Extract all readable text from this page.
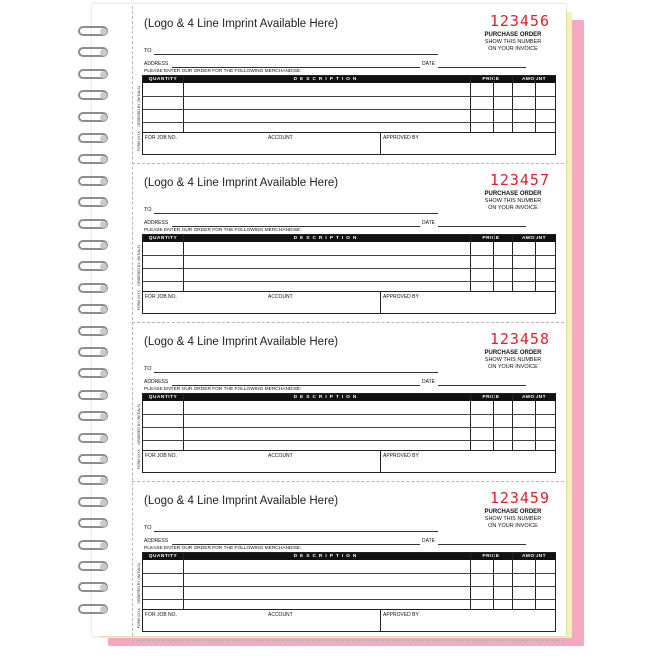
(Logo & 4 Line Imprint Available Here)	123456
PURCHASE ORDER
SHOW THIS NUMBER
ON YOUR INVOICE
TO
ADDRESS	DATE
PLEASE ENTER OUR ORDER FOR THE FOLLOWING MERCHANDISE:
QUANTITY	DESCRIPTION	PRICE	AMOUNT
ORDERED BY (INITIALS)
FOR JOB NO.	ACCOUNT	APPROVED BY
FORM #XXX
(Logo & 4 Line Imprint Available Here)	123457
PURCHASE ORDER
SHOW THIS NUMBER
ON YOUR INVOICE
TO
ADDRESS	DATE
PLEASE ENTER OUR ORDER FOR THE FOLLOWING MERCHANDISE:
QUANTITY	DESCRIPTION	PRICE	AMOUNT
ORDERED BY (INITIALS)
FOR JOB NO.	ACCOUNT	APPROVED BY
FORM #XXX
(Logo & 4 Line Imprint Available Here)	123458
PURCHASE ORDER
SHOW THIS NUMBER
ON YOUR INVOICE
TO
ADDRESS	DATE
PLEASE ENTER OUR ORDER FOR THE FOLLOWING MERCHANDISE:
QUANTITY	DESCRIPTION	PRICE	AMOUNT
ORDERED BY (INITIALS)
FOR JOB NO.	ACCOUNT	APPROVED BY
FORM #XXX
(Logo & 4 Line Imprint Available Here)	123459
PURCHASE ORDER
SHOW THIS NUMBER
ON YOUR INVOICE
TO
ADDRESS	DATE
PLEASE ENTER OUR ORDER FOR THE FOLLOWING MERCHANDISE:
QUANTITY	DESCRIPTION	PRICE	AMOUNT
ORDERED BY (INITIALS)
FOR JOB NO.	ACCOUNT	APPROVED BY
FORM #XXX
